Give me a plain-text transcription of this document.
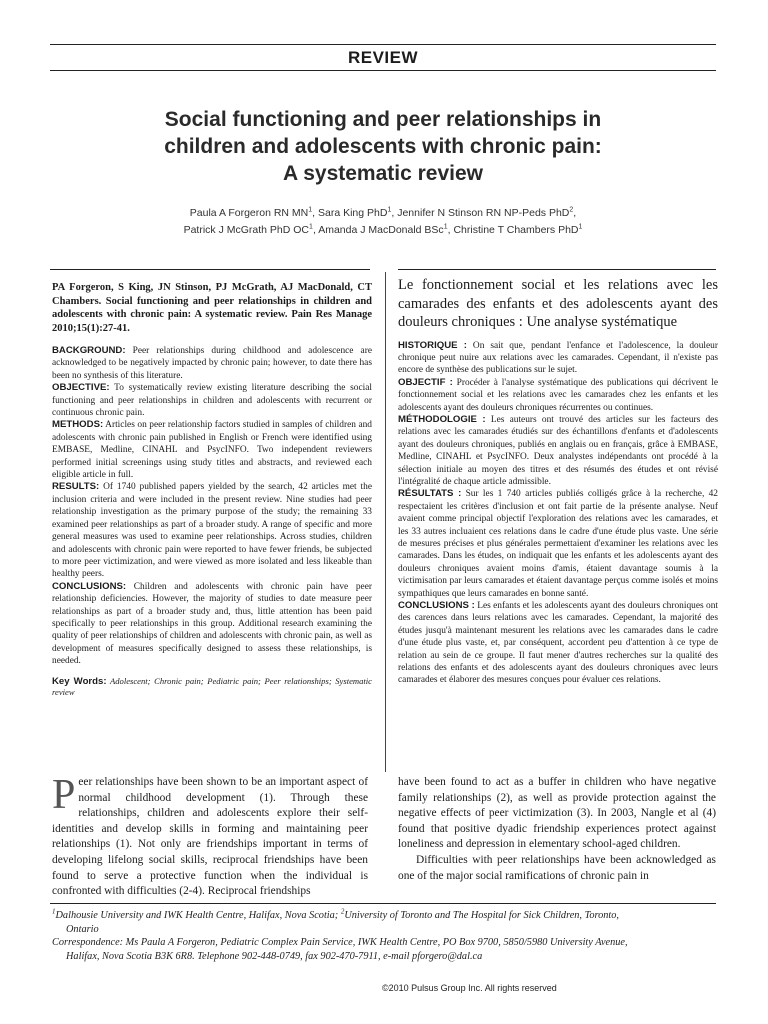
REVIEW
Social functioning and peer relationships in
children and adolescents with chronic pain:
A systematic review
Paula A Forgeron RN $MN^1$, Sara King PhD$^1$, Jennifer N Stinson RN NP-Peds PhD$^2$,
Patrick J McGrath PhD $OC^1$, Amanda J MacDonald BSc$^1$, Christine T Chambers PhD$^1$
PA Forgeron, S King, JN Stinson, PJ McGrath, AJ MacDonald, CT Chambers. Social functioning and peer relationships in children and adolescents with chronic pain: A systematic review. Pain Res Manage 2010;15(1):27-41.

BACKGROUND: Peer relationships during childhood and adolescence are acknowledged to be negatively impacted by chronic pain; however, to date there has been no synthesis of this literature.

OBJECTIVE: To systematically review existing literature describing the social functioning and peer relationships in children and adolescents with recurrent or continuous chronic pain.

METHODS: Articles on peer relationship factors studied in samples of children and adolescents with chronic pain published in English or French were identified using EMBASE, Medline, CINAHL and PsycINFO. Two independent reviewers performed initial screenings using study titles and abstracts, and reviewed each eligible article in full.

RESULTS: Of 1740 published papers yielded by the search, 42 articles met the inclusion criteria and were included in the present review. Nine studies had peer relationship investigation as the primary purpose of the study; the remaining 33 examined peer relationships as part of a broader study. A range of specific and more general measures was used to examine peer relationships. Across studies, children and adolescents with chronic pain were reported to have fewer friends, be subjected to more peer victimization, and were viewed as more isolated and less likeable than healthy peers.

CONCLUSIONS: Children and adolescents with chronic pain have peer relationship deficiencies. However, the majority of studies to date measure peer relationships as part of a broader study and, thus, little attention has been paid specifically to peer relationships in this group. Additional research examining the quality of peer relationships of children and adolescents with chronic pain, as well as development of measures specifically designed to assess these relationships, is needed.

Key Words: Adolescent; Chronic pain; Pediatric pain; Peer relationships; Systematic review

Le fonctionnement social et les relations avec les camarades des enfants et des adolescents ayant des douleurs chroniques : Une analyse systématique

HISTORIQUE : On sait que, pendant l'enfance et l'adolescence, la douleur chronique peut nuire aux relations avec les camarades. Cependant, il n'existe pas encore de synthèse des publications sur le sujet.

OBJECTIF : Procéder à l'analyse systématique des publications qui décrivent le fonctionnement social et les relations avec les camarades chez les enfants et les adolescents ayant des douleurs chroniques récurrentes ou continues.

MÉTHODOLOGIE : Les auteurs ont trouvé des articles sur les facteurs des relations avec les camarades étudiés sur des échantillons d'enfants et d'adolescents ayant des douleurs chroniques, publiés en anglais ou en français, grâce à EMBASE, Medline, CINAHL et PsycINFO. Deux analystes indépendants ont procédé à la sélection initiale au moyen des titres et des résumés des études et ont révisé l'intégralité de chaque article admissible.

RÉSULTATS : Sur les 1 740 articles publiés colligés grâce à la recherche, 42 respectaient les critères d'inclusion et ont fait partie de la présente analyse. Neuf avaient comme principal objectif l'exploration des relations avec les camarades, et les 33 autres incluaient ces relations dans le cadre d'une étude plus vaste. Une série de mesures précises et plus générales permettaient d'examiner les relations avec les camarades. Dans les études, on indiquait que les enfants et les adolescents ayant des douleurs chroniques avaient moins d'amis, étaient davantage soumis à la victimisation par leurs camarades et étaient davantage perçus comme isolés et moins sympathiques que leurs camarades en bonne santé.

CONCLUSIONS : Les enfants et les adolescents ayant des douleurs chroniques ont des carences dans leurs relations avec les camarades. Cependant, la majorité des études jusqu'à maintenant mesurent les relations avec les camarades dans le cadre d'une étude plus vaste, et, par conséquent, accordent peu d'attention à ce type de relation au sein de ce groupe. Il faut mener d'autres recherches sur la qualité des relations des enfants et des adolescents ayant des douleurs chroniques avec leurs camarades et élaborer des mesures conçues pour évaluer ces relations.

Peer relationships have been shown to be an important aspect of normal childhood development (1). Through these relationships, children and adolescents explore their self-identities and develop skills in forming and maintaining peer relationships (1). Not only are friendships important in terms of developing lifelong social skills, reciprocal friendships have been found to serve a protective function when the individual is confronted with difficulties (2-4). Reciprocal friendships

have been found to act as a buffer in children who have negative family relationships (2), as well as provide protection against the negative effects of peer victimization (3). In 2003, Nangle et al (4) found that positive dyadic friendship experiences protect against loneliness and depression in elementary school-aged children.

Difficulties with peer relationships have been acknowledged as one of the major social ramifications of chronic pain in

$^1$Dalhousie University and IWK Health Centre, Halifax, Nova Scotia; $^2$University of Toronto and The Hospital for Sick Children, Toronto,

Ontario

Correspondence: Ms Paula A Forgeron, Pediatric Complex Pain Service, IWK Health Centre, PO Box 9700, 5850/5980 University Avenue,

Halifax, Nova Scotia B3K 6R8. Telephone 902-448-0749, fax 902-470-7911, e-mail pforgero@dal.ca

©2010 Pulsus Group Inc. All rights reserved
